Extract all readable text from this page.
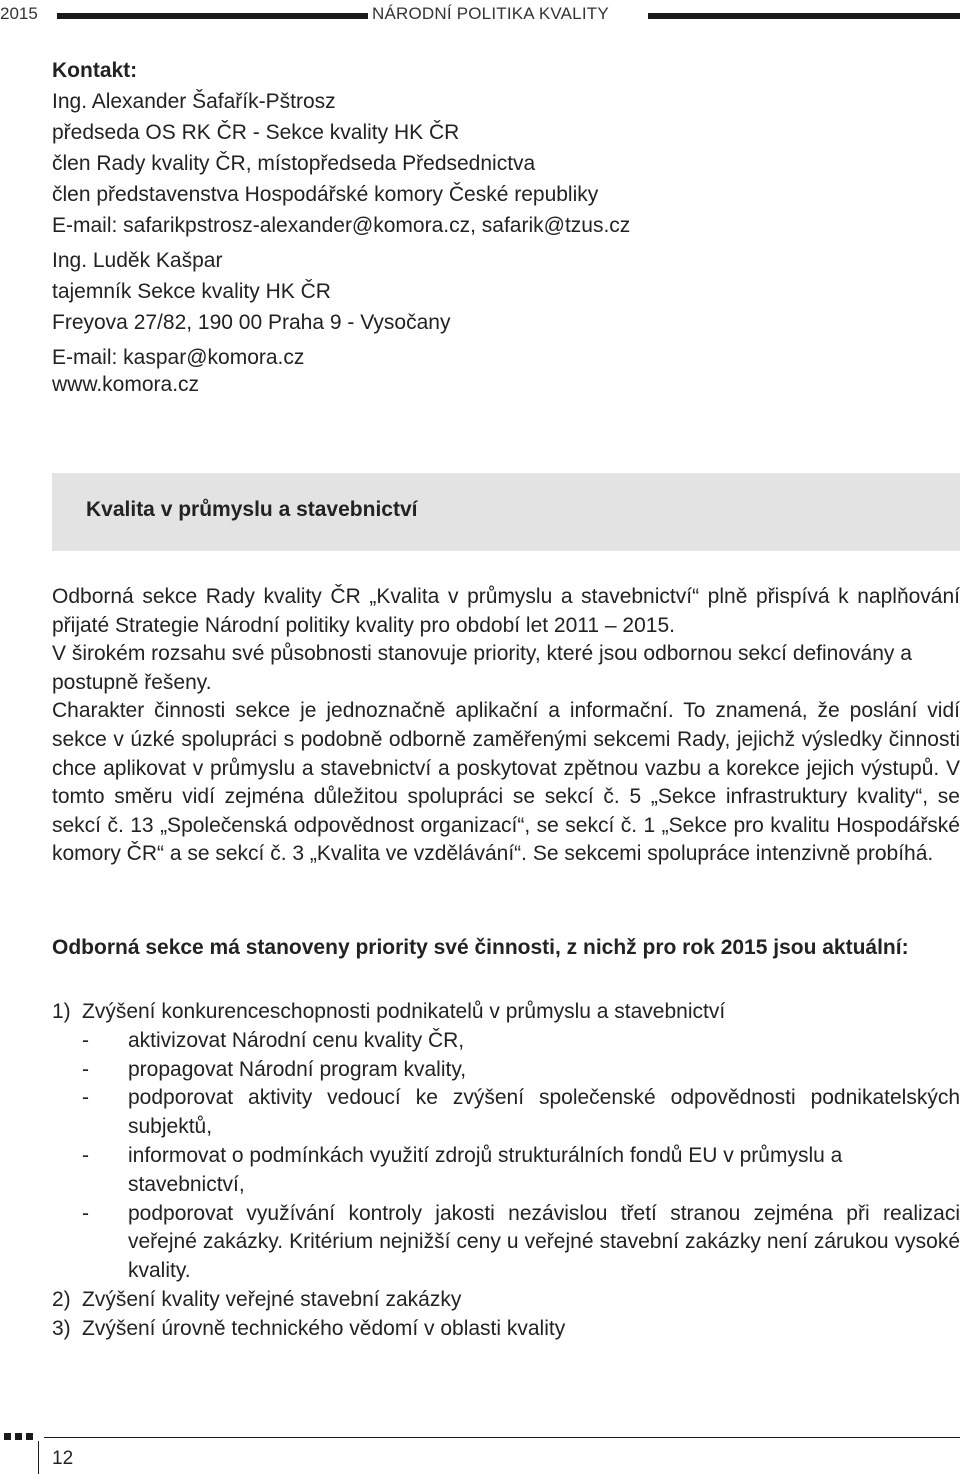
2015	NÁRODNÍ POLITIKA KVALITY
Kontakt:
Ing. Alexander Šafařík-Pštrosz
předseda OS RK ČR - Sekce kvality HK ČR
člen Rady kvality ČR, místopředseda Předsednictva
člen představenstva Hospodářské komory České republiky
E-mail: safarikpstrosz-alexander@komora.cz, safarik@tzus.cz
Ing. Luděk Kašpar
tajemník Sekce kvality HK ČR
Freyova 27/82, 190 00 Praha 9 - Vysočany
E-mail: kaspar@komora.cz
www.komora.cz
Kvalita v průmyslu a stavebnictví

Odborná sekce Rady kvality ČR „Kvalita v průmyslu a stavebnictví“ plně přispívá k naplňování přijaté Strategie Národní politiky kvality pro období let 2011 – 2015.

V širokém rozsahu své působnosti stanovuje priority, které jsou odbornou sekcí definovány a postupně řešeny.

Charakter činnosti sekce je jednoznačně aplikační a informační. To znamená, že poslání vidí sekce v úzké spolupráci s podobně odborně zaměřenými sekcemi Rady, jejichž výsledky činnosti chce aplikovat v průmyslu a stavebnictví a poskytovat zpětnou vazbu a korekce jejich výstupů. V tomto směru vidí zejména důležitou spolupráci se sekcí č. 5 „Sekce infrastruktury kvality“, se sekcí č. 13 „Společenská odpovědnost organizací“, se sekcí č. 1 „Sekce pro kvalitu Hospodářské komory ČR“ a se sekcí č. 3 „Kvalita ve vzdělávání“. Se sekcemi spolupráce intenzivně probíhá.

Odborná sekce má stanoveny priority své činnosti, z nichž pro rok 2015 jsou aktuální:
1) Zvýšení konkurenceschopnosti podnikatelů v průmyslu a stavebnictví
- aktivizovat Národní cenu kvality ČR,
- propagovat Národní program kvality,
- podporovat aktivity vedoucí ke zvýšení společenské odpovědnosti podnikatelských subjektů,
- informovat o podmínkách využití zdrojů strukturálních fondů EU v průmyslu a stavebnictví,
- podporovat využívání kontroly jakosti nezávislou třetí stranou zejména při realizaci veřejné zakázky. Kritérium nejnižší ceny u veřejné stavební zakázky není zárukou vysoké kvality.
2) Zvýšení kvality veřejné stavební zakázky
3) Zvýšení úrovně technického vědomí v oblasti kvality
12
